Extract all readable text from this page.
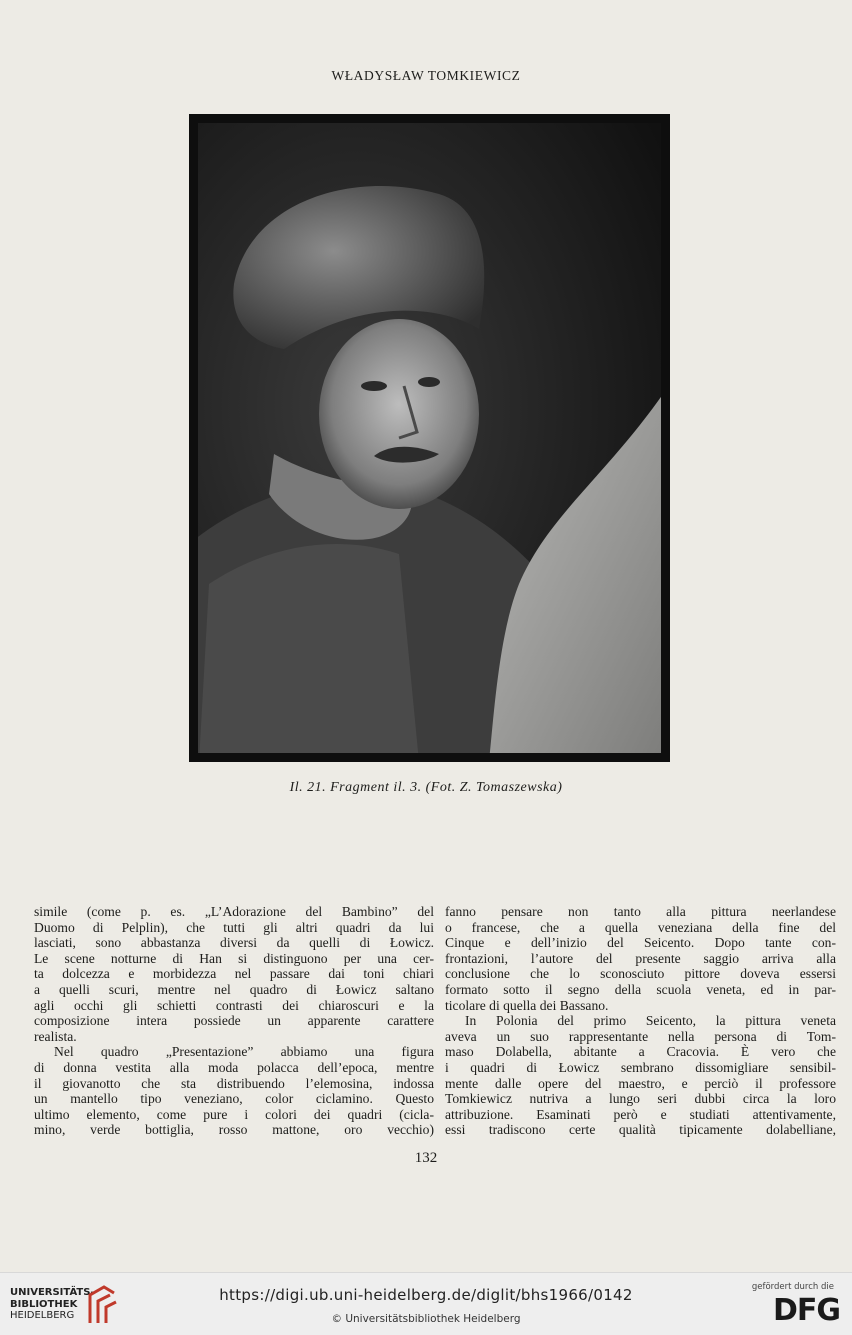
WŁADYSŁAW TOMKIEWICZ
Il. 21. Fragment il. 3. (Fot. Z. Tomaszewska)
simile (come p. es. „L’Adorazione del Bambino” del
Duomo di Pelplin), che tutti gli altri quadri da lui
lasciati, sono abbastanza diversi da quelli di Łowicz.
Le scene notturne di Han si distinguono per una cer-
ta dolcezza e morbidezza nel passare dai toni chiari
a quelli scuri, mentre nel quadro di Łowicz saltano
agli occhi gli schietti contrasti dei chiaroscuri e la
composizione intera possiede un apparente carattere
realista.
Nel quadro „Presentazione” abbiamo una figura
di donna vestita alla moda polacca dell’epoca, mentre
il giovanotto che sta distribuendo l’elemosina, indossa
un mantello tipo veneziano, color ciclamino. Questo
ultimo elemento, come pure i colori dei quadri (cicla-
mino, verde bottiglia, rosso mattone, oro vecchio)
fanno pensare non tanto alla pittura neerlandese
o francese, che a quella veneziana della fine del
Cinque e dell’inizio del Seicento. Dopo tante con-
frontazioni, l’autore del presente saggio arriva alla
conclusione che lo sconosciuto pittore doveva essersi
formato sotto il segno della scuola veneta, ed in par-
ticolare di quella dei Bassano.
In Polonia del primo Seicento, la pittura veneta
aveva un suo rappresentante nella persona di Tom-
maso Dolabella, abitante a Cracovia. È vero che
i quadri di Łowicz sembrano dissomigliare sensibil-
mente dalle opere del maestro, e perciò il professore
Tomkiewicz nutriva a lungo seri dubbi circa la loro
attribuzione. Esaminati però e studiati attentivamente,
essi tradiscono certe qualità tipicamente dolabelliane,
132
UNIVERSITÄTS-
BIBLIOTHEK
HEIDELBERG
https://digi.ub.uni-heidelberg.de/diglit/bhs1966/0142
© Universitätsbibliothek Heidelberg
gefördert durch die
DFG
